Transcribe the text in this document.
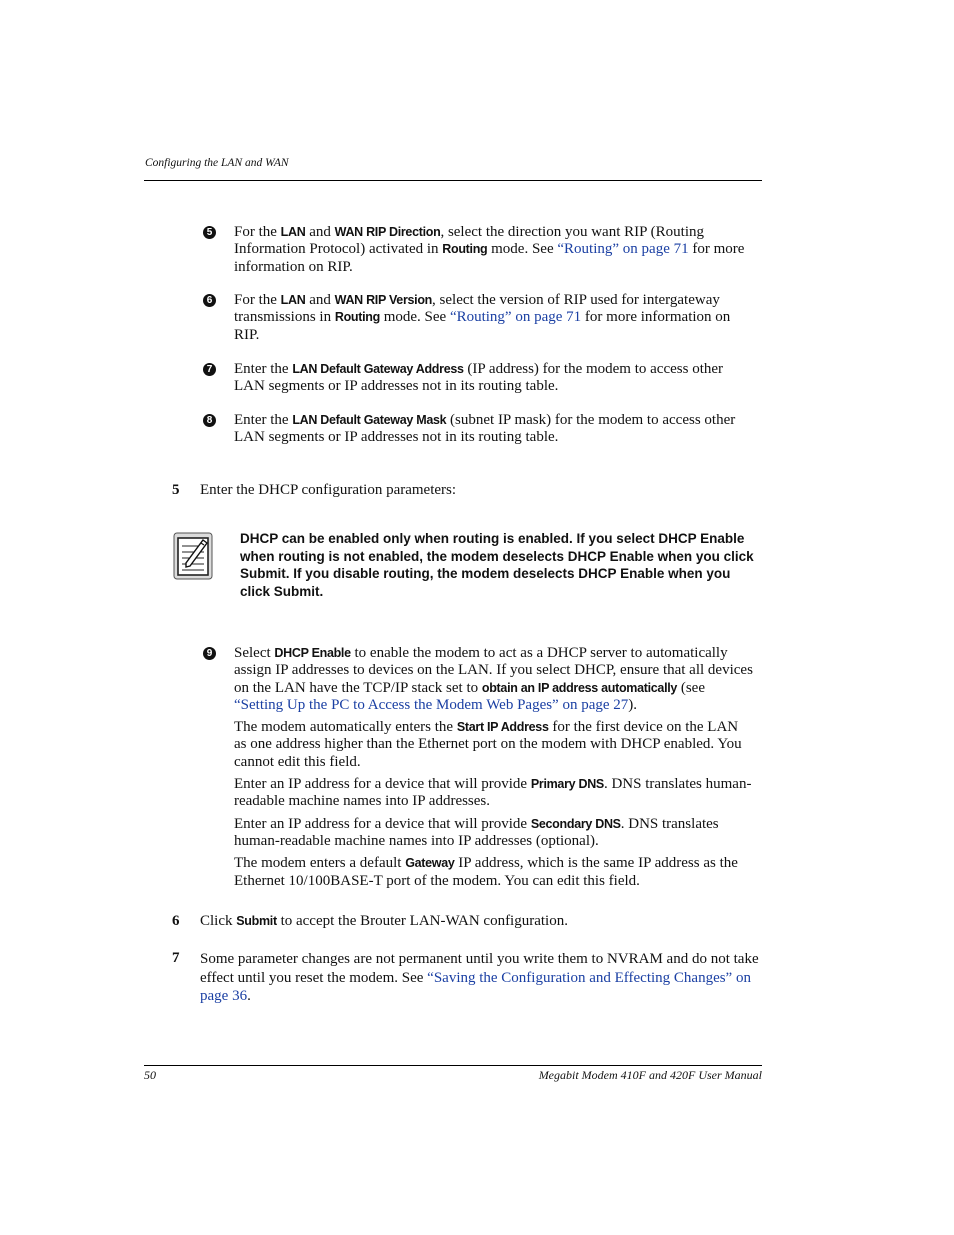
Configuring the LAN and WAN
5 For the LAN and WAN RIP Direction, select the direction you want RIP (Routing Information Protocol) activated in Routing mode. See “Routing” on page 71 for more information on RIP.
6 For the LAN and WAN RIP Version, select the version of RIP used for intergateway transmissions in Routing mode. See “Routing” on page 71 for more information on RIP.
7 Enter the LAN Default Gateway Address (IP address) for the modem to access other LAN segments or IP addresses not in its routing table.
8 Enter the LAN Default Gateway Mask (subnet IP mask) for the modem to access other LAN segments or IP addresses not in its routing table.
5 Enter the DHCP configuration parameters:
DHCP can be enabled only when routing is enabled. If you select DHCP Enable when routing is not enabled, the modem deselects DHCP Enable when you click Submit. If you disable routing, the modem deselects DHCP Enable when you click Submit.
9 Select DHCP Enable to enable the modem to act as a DHCP server to automatically assign IP addresses to devices on the LAN. If you select DHCP, ensure that all devices on the LAN have the TCP/IP stack set to obtain an IP address automatically (see “Setting Up the PC to Access the Modem Web Pages” on page 27).
The modem automatically enters the Start IP Address for the first device on the LAN as one address higher than the Ethernet port on the modem with DHCP enabled. You cannot edit this field.
Enter an IP address for a device that will provide Primary DNS. DNS translates human-readable machine names into IP addresses.
Enter an IP address for a device that will provide Secondary DNS. DNS translates human-readable machine names into IP addresses (optional).
The modem enters a default Gateway IP address, which is the same IP address as the Ethernet 10/100BASE-T port of the modem. You can edit this field.
6 Click Submit to accept the Brouter LAN-WAN configuration.
7 Some parameter changes are not permanent until you write them to NVRAM and do not take effect until you reset the modem. See “Saving the Configuration and Effecting Changes” on page 36.
50	Megabit Modem 410F and 420F User Manual
